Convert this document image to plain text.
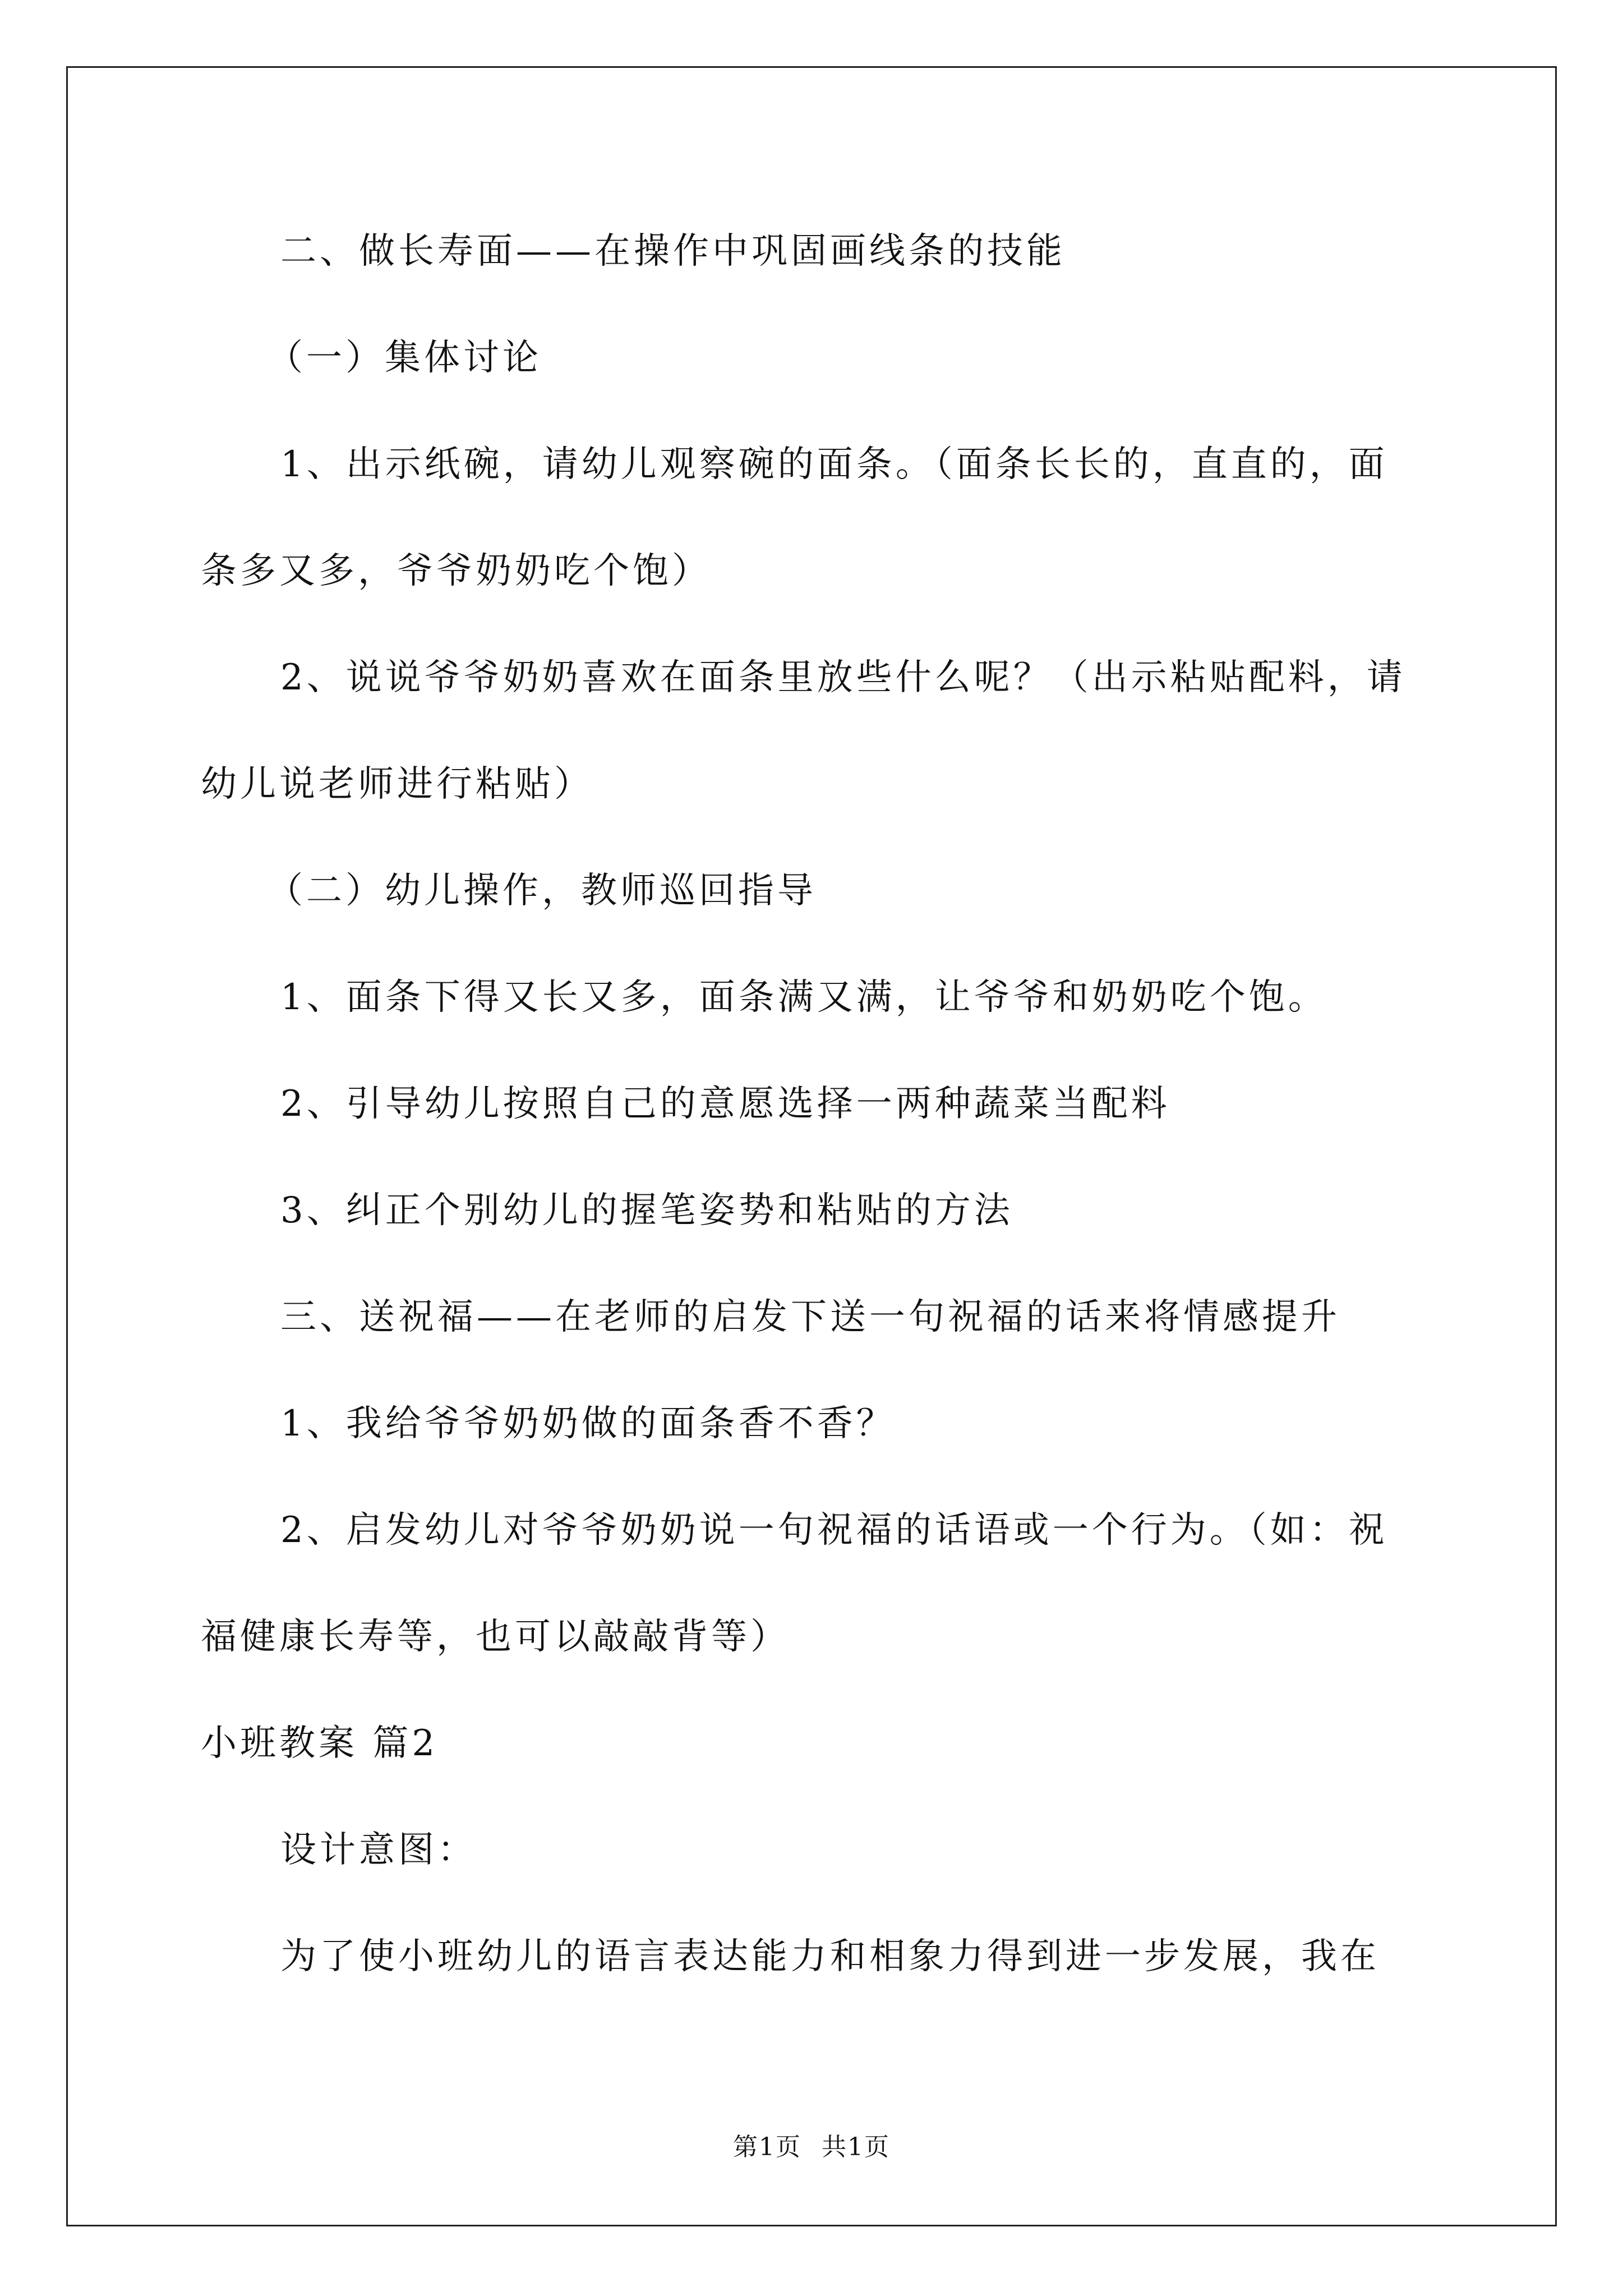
二、做长寿面——在操作中巩固画线条的技能
（一）集体讨论
1、出示纸碗，请幼儿观察碗的面条。（面条长长的，直直的，面
条多又多，爷爷奶奶吃个饱）
2、说说爷爷奶奶喜欢在面条里放些什么呢？（出示粘贴配料，请
幼儿说老师进行粘贴）
（二）幼儿操作，教师巡回指导
1、面条下得又长又多，面条满又满，让爷爷和奶奶吃个饱。
2、引导幼儿按照自己的意愿选择一两种蔬菜当配料
3、纠正个别幼儿的握笔姿势和粘贴的方法
三、送祝福——在老师的启发下送一句祝福的话来将情感提升
1、我给爷爷奶奶做的面条香不香？
2、启发幼儿对爷爷奶奶说一句祝福的话语或一个行为。（如：祝
福健康长寿等，也可以敲敲背等）
小班教案 篇2
设计意图：
为了使小班幼儿的语言表达能力和相象力得到进一步发展，我在
第1页 共1页
